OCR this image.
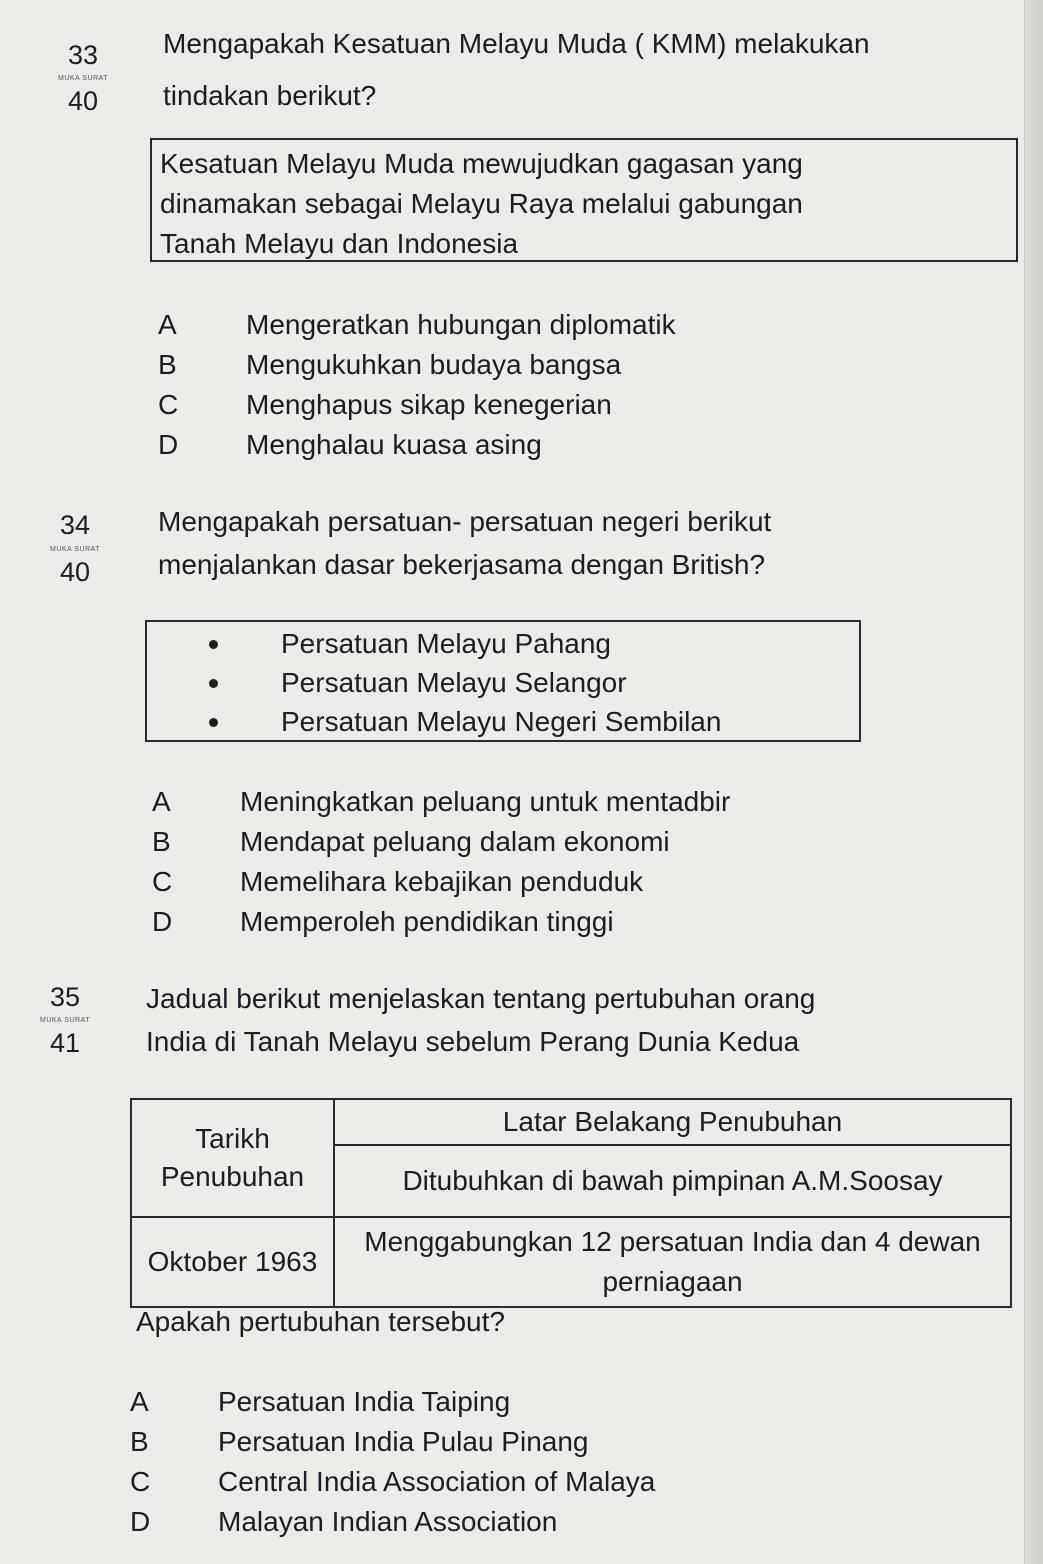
33
MUKA SURAT
40
Mengapakah Kesatuan Melayu Muda ( KMM) melakukan
tindakan berikut?
Kesatuan Melayu Muda mewujudkan gagasan yang
dinamakan sebagai Melayu Raya melalui gabungan
Tanah Melayu dan Indonesia
A Mengeratkan hubungan diplomatik
B Mengukuhkan budaya bangsa
C Menghapus sikap kenegerian
D Menghalau kuasa asing
34
MUKA SURAT
40
Mengapakah persatuan- persatuan negeri berikut
menjalankan dasar bekerjasama dengan British?
Persatuan Melayu Pahang
Persatuan Melayu Selangor
Persatuan Melayu Negeri Sembilan
A Meningkatkan peluang untuk mentadbir
B Mendapat peluang dalam ekonomi
C Memelihara kebajikan penduduk
D Memperoleh pendidikan tinggi
35
MUKA SURAT
41
Jadual berikut menjelaskan tentang pertubuhan orang
India di Tanah Melayu sebelum Perang Dunia Kedua
Tarikh Penubuhan	Latar Belakang Penubuhan
	Ditubuhkan di bawah pimpinan A.M.Soosay
Oktober 1963	Menggabungkan 12 persatuan India dan 4 dewan perniagaan
Apakah pertubuhan tersebut?
A Persatuan India Taiping
B Persatuan India Pulau Pinang
C Central India Association of Malaya
D Malayan Indian Association
